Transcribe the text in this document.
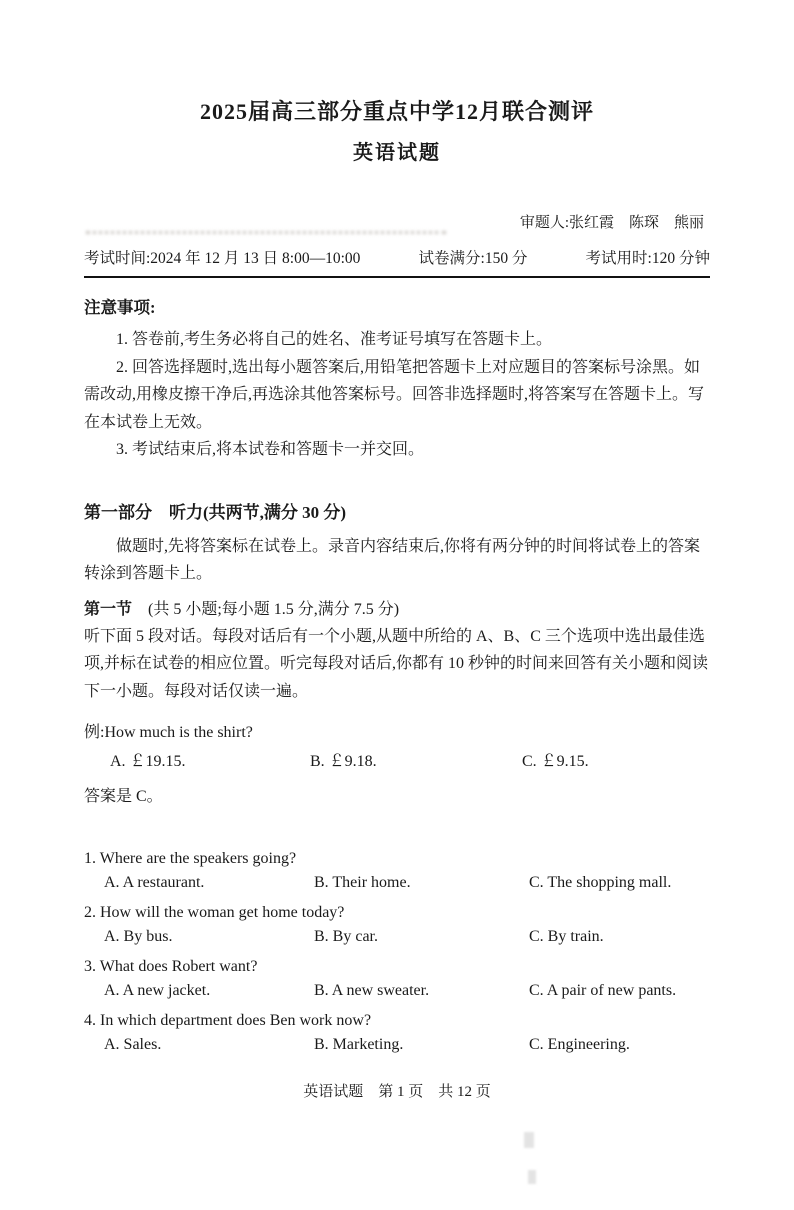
2025届高三部分重点中学12月联合测评
英语试题
审题人:张红霞　陈琛　熊丽
考试时间:2024 年 12 月 13 日 8:00—10:00	试卷满分:150 分	考试用时:120 分钟
注意事项:

1. 答卷前,考生务必将自己的姓名、准考证号填写在答题卡上。

2. 回答选择题时,选出每小题答案后,用铅笔把答题卡上对应题目的答案标号涂黑。如需改动,用橡皮擦干净后,再选涂其他答案标号。回答非选择题时,将答案写在答题卡上。写在本试卷上无效。

3. 考试结束后,将本试卷和答题卡一并交回。

第一部分　听力(共两节,满分 30 分)

做题时,先将答案标在试卷上。录音内容结束后,你将有两分钟的时间将试卷上的答案转涂到答题卡上。

第一节　(共 5 小题;每小题 1.5 分,满分 7.5 分)

听下面 5 段对话。每段对话后有一个小题,从题中所给的 A、B、C 三个选项中选出最佳选项,并标在试卷的相应位置。听完每段对话后,你都有 10 秒钟的时间来回答有关小题和阅读下一小题。每段对话仅读一遍。

例:How much is the shirt?
A. ￡19.15.	B. ￡9.18.	C. ￡9.15.

答案是 C。

1. Where are the speakers going?
A. A restaurant.	B. Their home.	C. The shopping mall.
2. How will the woman get home today?
A. By bus.	B. By car.	C. By train.
3. What does Robert want?
A. A new jacket.	B. A new sweater.	C. A pair of new pants.
4. In which department does Ben work now?
A. Sales.	B. Marketing.	C. Engineering.
英语试题　第 1 页　共 12 页
